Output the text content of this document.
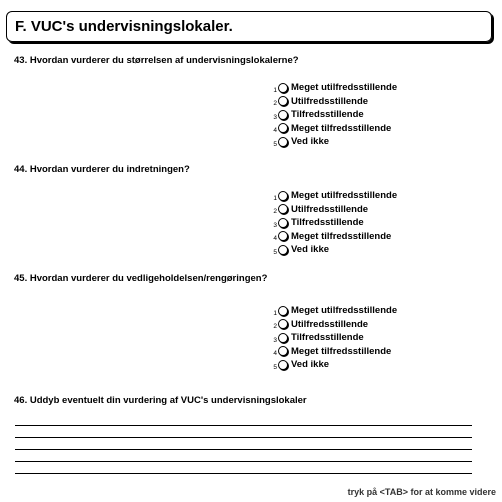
F. VUC's undervisningslokaler.
43. Hvordan vurderer du størrelsen af undervisningslokalerne?
1 Meget utilfredsstillende
2 Utilfredsstillende
3 Tilfredsstillende
4 Meget tilfredsstillende
5 Ved ikke
44. Hvordan vurderer du indretningen?
1 Meget utilfredsstillende
2 Utilfredsstillende
3 Tilfredsstillende
4 Meget tilfredsstillende
5 Ved ikke
45. Hvordan vurderer du vedligeholdelsen/rengøringen?
1 Meget utilfredsstillende
2 Utilfredsstillende
3 Tilfredsstillende
4 Meget tilfredsstillende
5 Ved ikke
46. Uddyb eventuelt din vurdering af VUC's undervisningslokaler
tryk på <TAB> for at komme videre
